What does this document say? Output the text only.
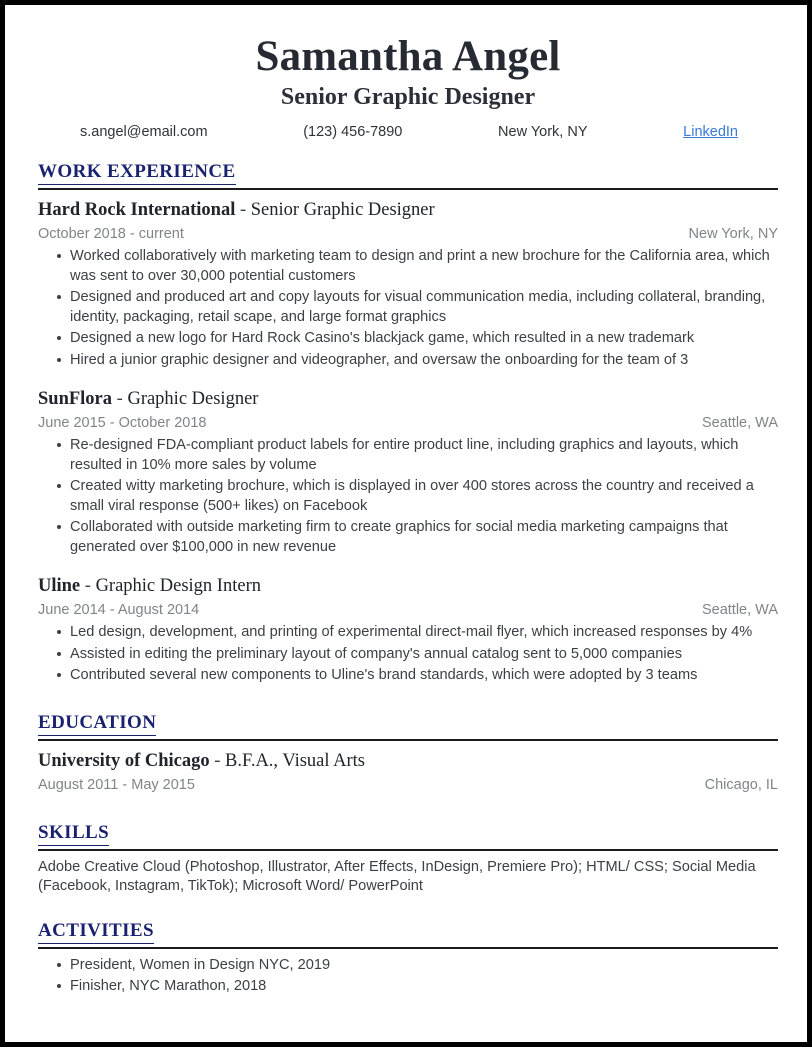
Samantha Angel
Senior Graphic Designer
s.angel@email.com	(123) 456-7890	New York, NY	LinkedIn
WORK EXPERIENCE
Hard Rock International - Senior Graphic Designer
October 2018 - current	New York, NY
Worked collaboratively with marketing team to design and print a new brochure for the California area, which was sent to over 30,000 potential customers
Designed and produced art and copy layouts for visual communication media, including collateral, branding, identity, packaging, retail scape, and large format graphics
Designed a new logo for Hard Rock Casino's blackjack game, which resulted in a new trademark
Hired a junior graphic designer and videographer, and oversaw the onboarding for the team of 3
SunFlora - Graphic Designer
June 2015 - October 2018	Seattle, WA
Re-designed FDA-compliant product labels for entire product line, including graphics and layouts, which resulted in 10% more sales by volume
Created witty marketing brochure, which is displayed in over 400 stores across the country and received a small viral response (500+ likes) on Facebook
Collaborated with outside marketing firm to create graphics for social media marketing campaigns that generated over $100,000 in new revenue
Uline - Graphic Design Intern
June 2014 - August 2014	Seattle, WA
Led design, development, and printing of experimental direct-mail flyer, which increased responses by 4%
Assisted in editing the preliminary layout of company's annual catalog sent to 5,000 companies
Contributed several new components to Uline's brand standards, which were adopted by 3 teams
EDUCATION
University of Chicago - B.F.A., Visual Arts
August 2011 - May 2015	Chicago, IL
SKILLS
Adobe Creative Cloud (Photoshop, Illustrator, After Effects, InDesign, Premiere Pro); HTML/ CSS; Social Media (Facebook, Instagram, TikTok); Microsoft Word/ PowerPoint
ACTIVITIES
President, Women in Design NYC, 2019
Finisher, NYC Marathon, 2018
